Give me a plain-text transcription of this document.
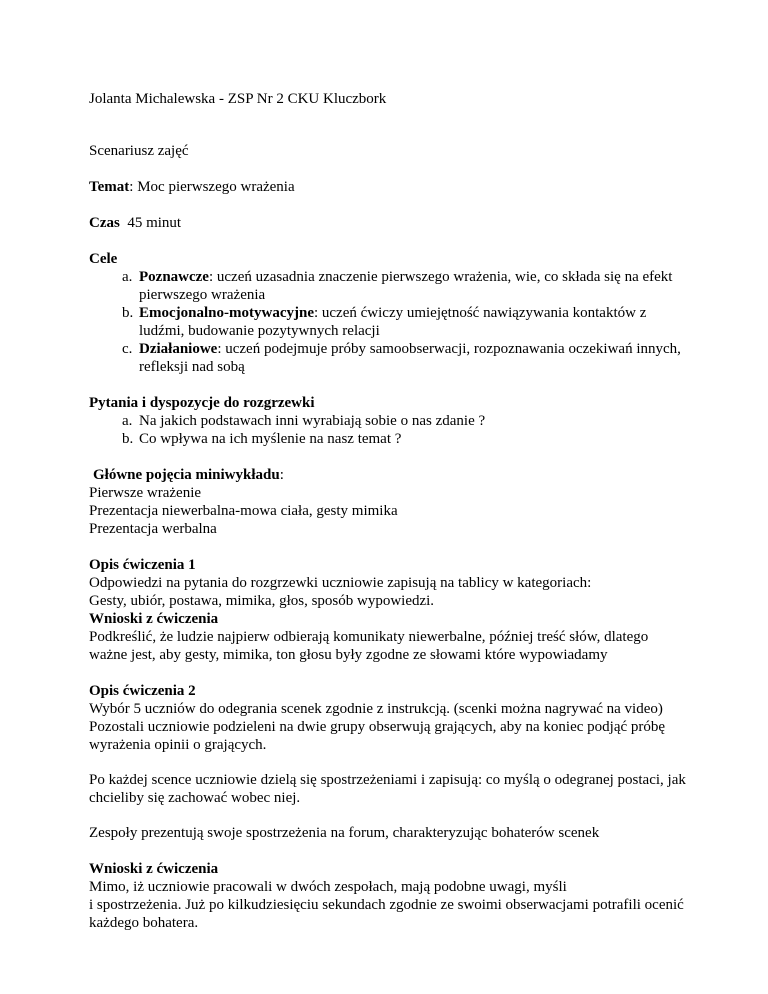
Jolanta Michalewska - ZSP Nr 2 CKU Kluczbork

Scenariusz zajęć

Temat: Moc pierwszego wrażenia

Czas  45 minut

Cele

a. Poznawcze: uczeń uzasadnia znaczenie pierwszego wrażenia, wie, co składa się na efekt pierwszego wrażenia
b. Emocjonalno-motywacyjne: uczeń ćwiczy umiejętność nawiązywania kontaktów z ludźmi, budowanie pozytywnych relacji
c. Działaniowe: uczeń podejmuje próby samoobserwacji, rozpoznawania oczekiwań innych, refleksji nad sobą

Pytania i dyspozycje do rozgrzewki

a. Na jakich podstawach inni wyrabiają sobie o nas zdanie ?
b. Co wpływa na ich myślenie na nasz temat ?

Główne pojęcia miniwykładu:

Pierwsze wrażenie

Prezentacja niewerbalna-mowa ciała, gesty mimika

Prezentacja werbalna

Opis ćwiczenia 1

Odpowiedzi na pytania do rozgrzewki uczniowie zapisują na tablicy w kategoriach:

Gesty, ubiór, postawa, mimika, głos, sposób wypowiedzi.

Wnioski z ćwiczenia

Podkreślić, że ludzie najpierw odbierają komunikaty niewerbalne, później treść słów, dlatego ważne jest, aby gesty, mimika, ton głosu były zgodne ze słowami które wypowiadamy

Opis ćwiczenia 2

Wybór 5 uczniów do odegrania scenek zgodnie z instrukcją. (scenki można nagrywać na video)

Pozostali uczniowie podzieleni na dwie grupy obserwują grających, aby na koniec podjąć próbę wyrażenia opinii o grających.

Po każdej scence uczniowie dzielą się spostrzeżeniami i zapisują: co myślą o odegranej postaci, jak chcieliby się zachować wobec niej.

Zespoły prezentują swoje spostrzeżenia na forum, charakteryzując bohaterów scenek

Wnioski z ćwiczenia

Mimo, iż uczniowie pracowali w dwóch zespołach, mają podobne uwagi, myśli

i spostrzeżenia. Już po kilkudziesięciu sekundach zgodnie ze swoimi obserwacjami potrafili ocenić każdego bohatera.
